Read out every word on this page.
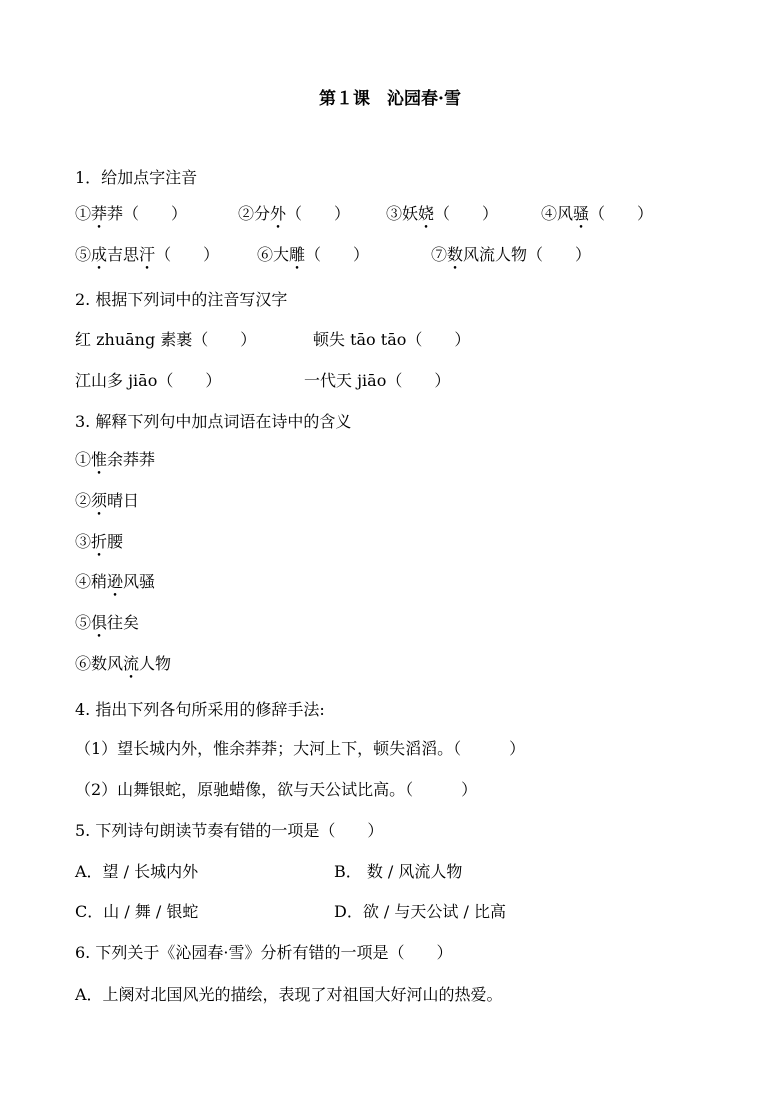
第１课　沁园春·雪
1．给加点字注音
①莽莽（　　）	②分外（　　） ③妖娆（　　）	④风骚（　　）
⑤成吉思汗（　　） ⑥大雕（　　）	⑦数风流人物（　　）
2. 根据下列词中的注音写汉字
红 zhuāng 素裹（　　）	顿失 tāo tāo（　　）
江山多 jiāo（　　）	一代天 jiāo（　　）
3. 解释下列句中加点词语在诗中的含义
①惟余莽莽
②须晴日
③折腰
④稍逊风骚
⑤俱往矣
⑥数风流人物
4. 指出下列各句所采用的修辞手法:
（1）望长城内外，惟余莽莽；大河上下，顿失滔滔。（　　　）
（2）山舞银蛇，原驰蜡像，欲与天公试比高。（　　　）
5. 下列诗句朗读节奏有错的一项是（　　）
A．望 / 长城内外	B． 数 / 风流人物
C．山 / 舞 / 银蛇	D．欲 / 与天公试 / 比高
6. 下列关于《沁园春·雪》分析有错的一项是（　　）
A．上阕对北国风光的描绘，表现了对祖国大好河山的热爱。
